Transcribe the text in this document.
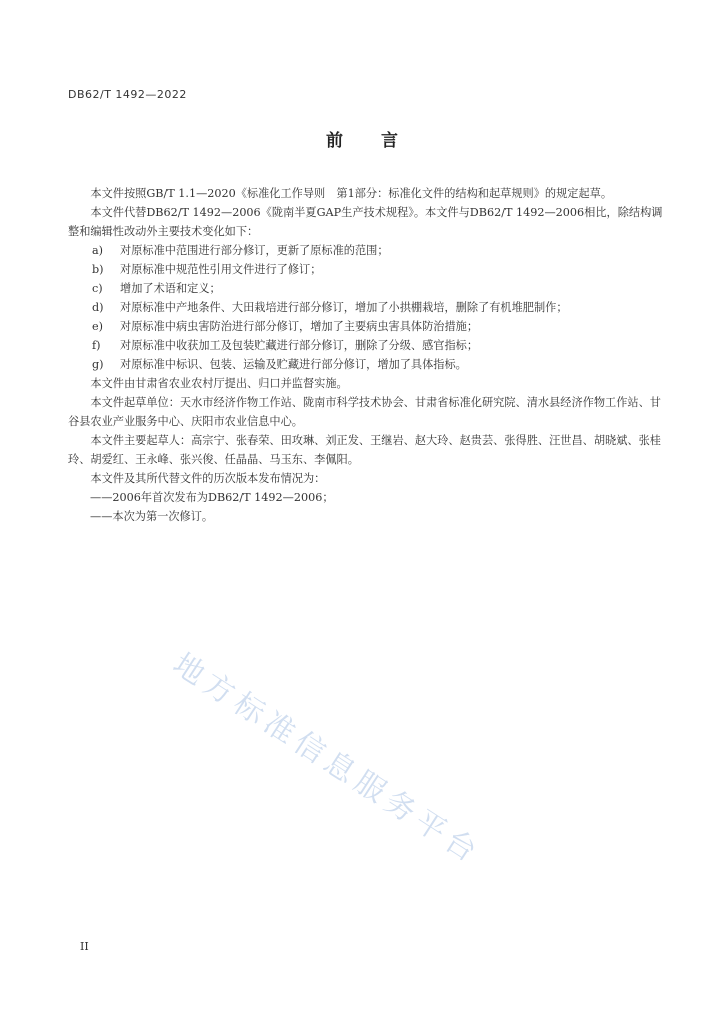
DB62/T 1492—2022
前言

本文件按照GB/T 1.1—2020《标准化工作导则　第1部分：标准化文件的结构和起草规则》的规定起草。

本文件代替DB62/T 1492—2006《陇南半夏GAP生产技术规程》。本文件与DB62/T 1492—2006相比，除结构调整和编辑性改动外主要技术变化如下：

a)	对原标准中范围进行部分修订，更新了原标准的范围；

b)	对原标准中规范性引用文件进行了修订；

c)	增加了术语和定义；

d)	对原标准中产地条件、大田栽培进行部分修订，增加了小拱棚栽培，删除了有机堆肥制作；

e)	对原标准中病虫害防治进行部分修订，增加了主要病虫害具体防治措施；

f)	对原标准中收获加工及包装贮藏进行部分修订，删除了分级、感官指标；

g)	对原标准中标识、包装、运输及贮藏进行部分修订，增加了具体指标。

本文件由甘肃省农业农村厅提出、归口并监督实施。

本文件起草单位：天水市经济作物工作站、陇南市科学技术协会、甘肃省标准化研究院、清水县经济作物工作站、甘谷县农业产业服务中心、庆阳市农业信息中心。

本文件主要起草人：高宗宁、张春荣、田攻琳、刘正发、王继岩、赵大玲、赵贵芸、张得胜、汪世昌、胡晓斌、张桂玲、胡爱红、王永峰、张兴俊、任晶晶、马玉东、李佩阳。

本文件及其所代替文件的历次版本发布情况为：

——2006年首次发布为DB62/T 1492—2006；

——本次为第一次修订。

地方标准信息服务平台
II
